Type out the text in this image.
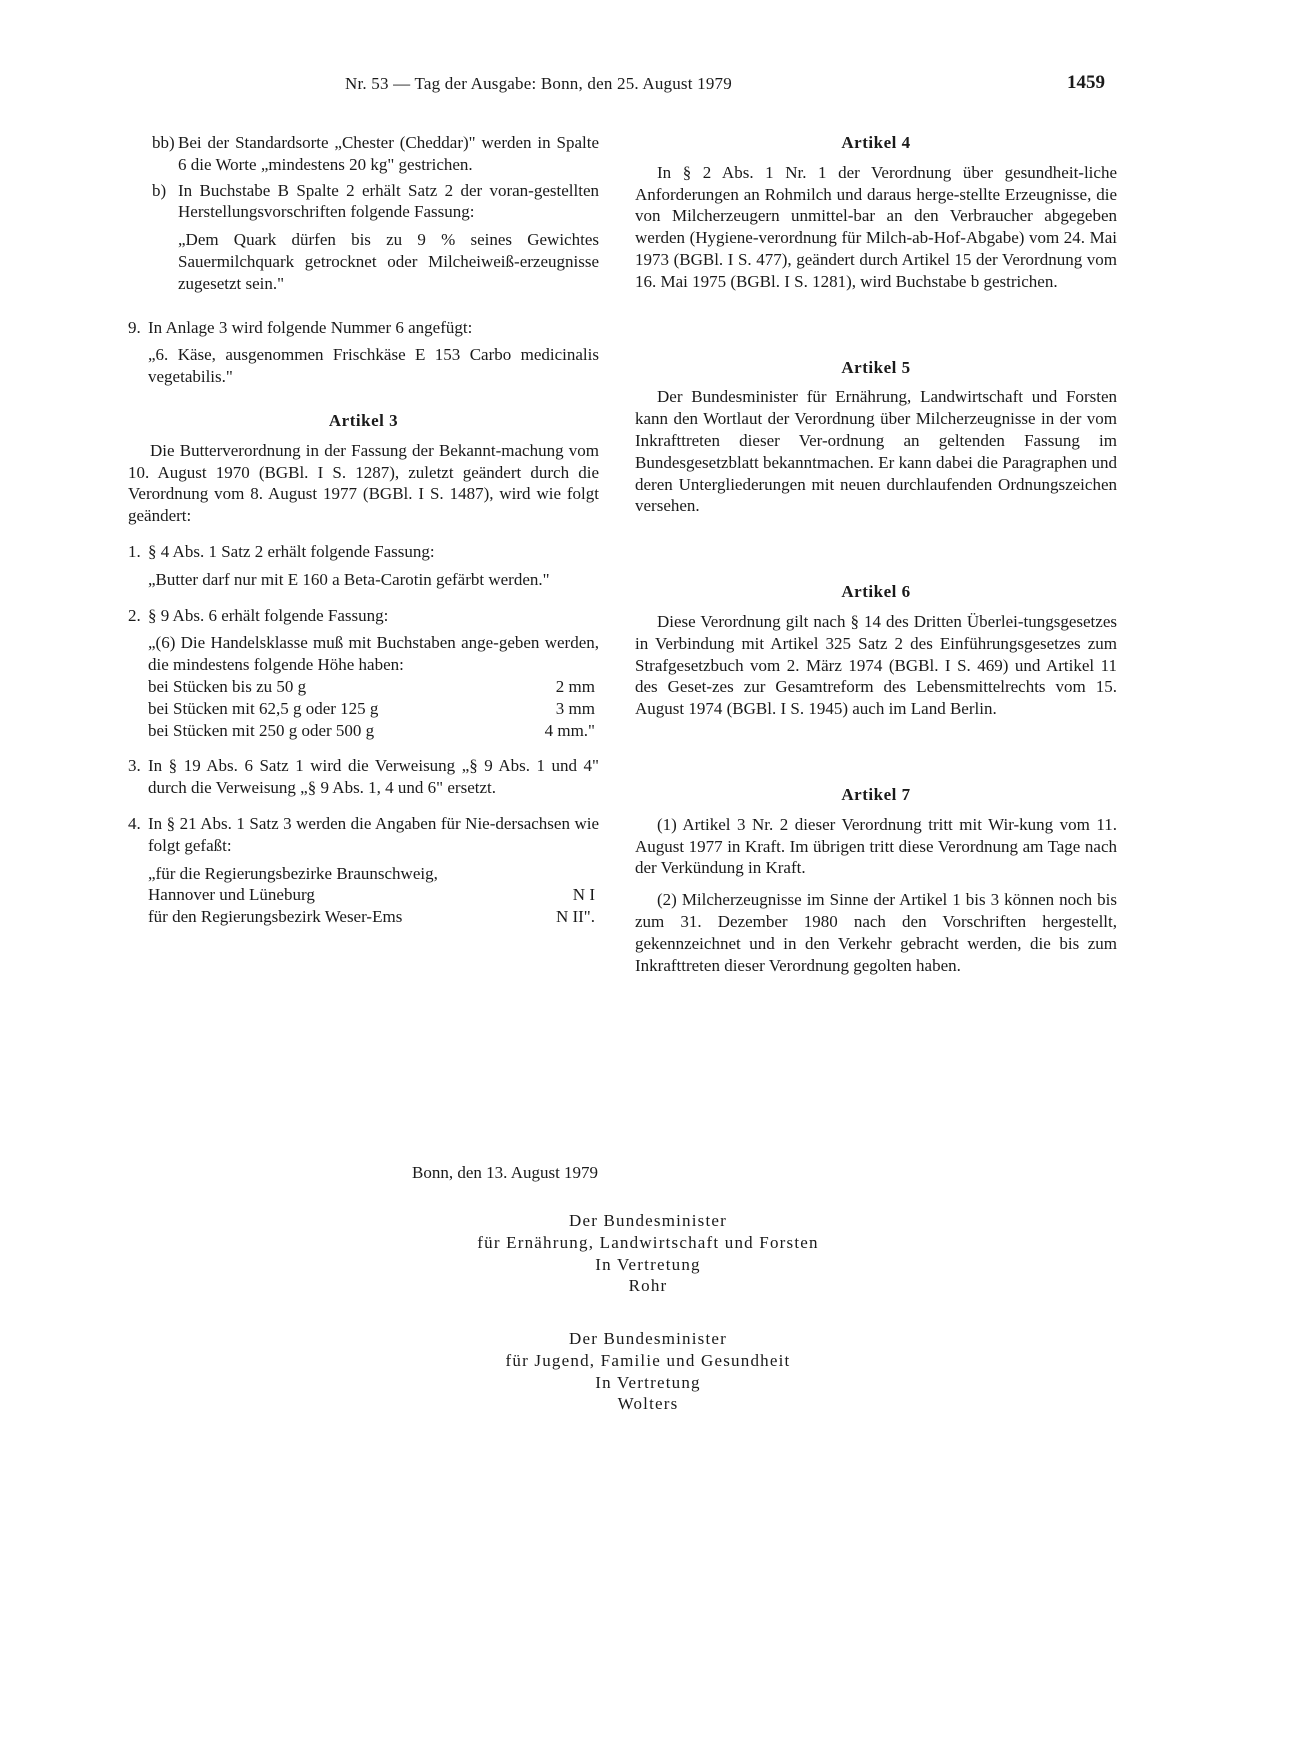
Nr. 53 — Tag der Ausgabe: Bonn, den 25. August 1979	1459

bb) Bei der Standardsorte „Chester (Cheddar)" werden in Spalte 6 die Worte „mindestens 20 kg" gestrichen.

b) In Buchstabe B Spalte 2 erhält Satz 2 der voran-gestellten Herstellungsvorschriften folgende Fassung:

„Dem Quark dürfen bis zu 9 % seines Gewichtes Sauermilchquark getrocknet oder Milcheiweiß-erzeugnisse zugesetzt sein."

9. In Anlage 3 wird folgende Nummer 6 angefügt:

„6. Käse, ausgenommen Frischkäse E 153 Carbo medicinalis vegetabilis."

Artikel 3

Die Butterverordnung in der Fassung der Bekannt-machung vom 10. August 1970 (BGBl. I S. 1287), zuletzt geändert durch die Verordnung vom 8. August 1977 (BGBl. I S. 1487), wird wie folgt geändert:

1. § 4 Abs. 1 Satz 2 erhält folgende Fassung:

„Butter darf nur mit E 160 a Beta-Carotin gefärbt werden."

2. § 9 Abs. 6 erhält folgende Fassung:

„(6) Die Handelsklasse muß mit Buchstaben ange-geben werden, die mindestens folgende Höhe haben:

bei Stücken bis zu 50 g	2 mm
bei Stücken mit 62,5 g oder 125 g	3 mm
bei Stücken mit 250 g oder 500 g	4 mm."

3. In § 19 Abs. 6 Satz 1 wird die Verweisung „§ 9 Abs. 1 und 4" durch die Verweisung „§ 9 Abs. 1, 4 und 6" ersetzt.

4. In § 21 Abs. 1 Satz 3 werden die Angaben für Nie-dersachsen wie folgt gefaßt:

„für die Regierungsbezirke Braunschweig,	
Hannover und Lüneburg	N I
für den Regierungsbezirk Weser-Ems	N II".

Artikel 4

In § 2 Abs. 1 Nr. 1 der Verordnung über gesundheit-liche Anforderungen an Rohmilch und daraus herge-stellte Erzeugnisse, die von Milcherzeugern unmittel-bar an den Verbraucher abgegeben werden (Hygiene-verordnung für Milch-ab-Hof-Abgabe) vom 24. Mai 1973 (BGBl. I S. 477), geändert durch Artikel 15 der Verordnung vom 16. Mai 1975 (BGBl. I S. 1281), wird Buchstabe b gestrichen.

Artikel 5

Der Bundesminister für Ernährung, Landwirtschaft und Forsten kann den Wortlaut der Verordnung über Milcherzeugnisse in der vom Inkrafttreten dieser Ver-ordnung an geltenden Fassung im Bundesgesetzblatt bekanntmachen. Er kann dabei die Paragraphen und deren Untergliederungen mit neuen durchlaufenden Ordnungszeichen versehen.

Artikel 6

Diese Verordnung gilt nach § 14 des Dritten Überlei-tungsgesetzes in Verbindung mit Artikel 325 Satz 2 des Einführungsgesetzes zum Strafgesetzbuch vom 2. März 1974 (BGBl. I S. 469) und Artikel 11 des Geset-zes zur Gesamtreform des Lebensmittelrechts vom 15. August 1974 (BGBl. I S. 1945) auch im Land Berlin.

Artikel 7

(1) Artikel 3 Nr. 2 dieser Verordnung tritt mit Wir-kung vom 11. August 1977 in Kraft. Im übrigen tritt diese Verordnung am Tage nach der Verkündung in Kraft.

(2) Milcherzeugnisse im Sinne der Artikel 1 bis 3 können noch bis zum 31. Dezember 1980 nach den Vorschriften hergestellt, gekennzeichnet und in den Verkehr gebracht werden, die bis zum Inkrafttreten dieser Verordnung gegolten haben.

Bonn, den 13. August 1979
Der Bundesminister
für Ernährung, Landwirtschaft und Forsten
In Vertretung
Rohr
Der Bundesminister
für Jugend, Familie und Gesundheit
In Vertretung
Wolters
